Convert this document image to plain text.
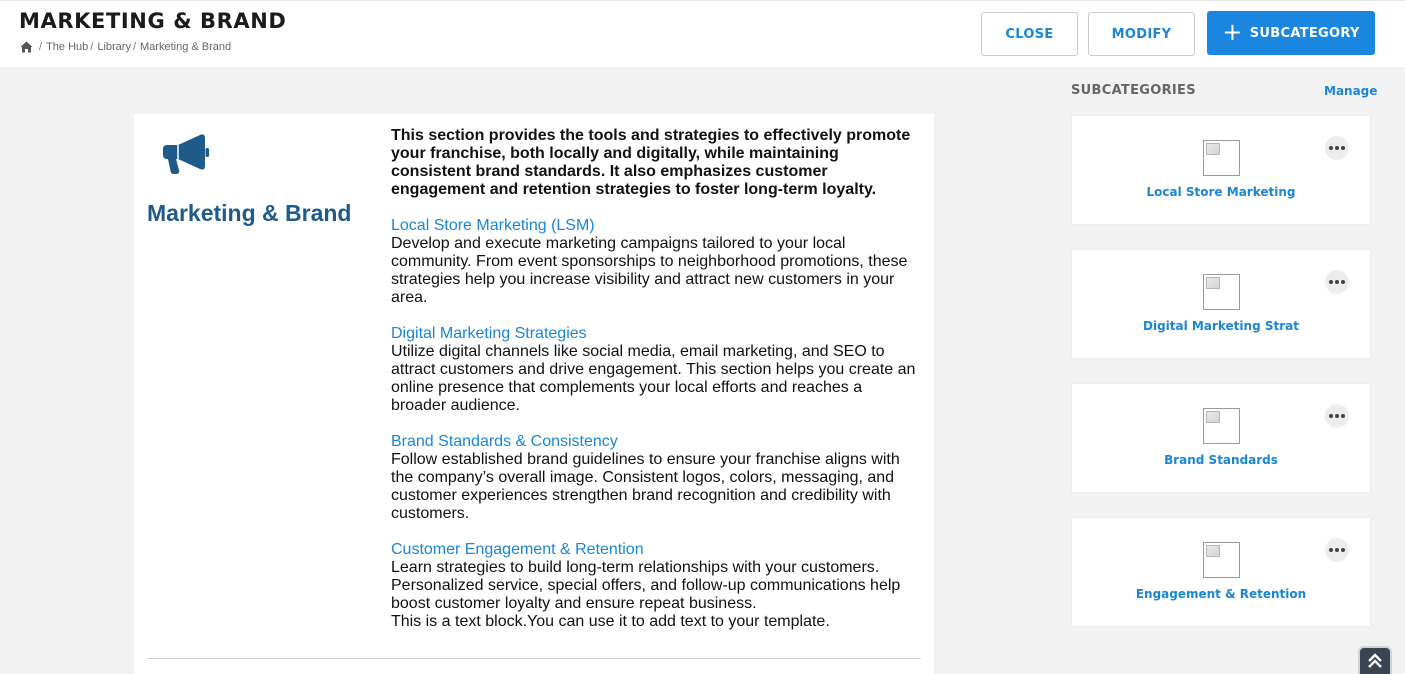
MARKETING & BRAND
/ The Hub / Library / Marketing & Brand
CLOSE	MODIFY	+ SUBCATEGORY
Marketing & Brand

This section provides the tools and strategies to effectively promote your franchise, both locally and digitally, while maintaining consistent brand standards. It also emphasizes customer engagement and retention strategies to foster long-term loyalty.

Local Store Marketing (LSM)
Develop and execute marketing campaigns tailored to your local community. From event sponsorships to neighborhood promotions, these strategies help you increase visibility and attract new customers in your area.
Digital Marketing Strategies
Utilize digital channels like social media, email marketing, and SEO to attract customers and drive engagement. This section helps you create an online presence that complements your local efforts and reaches a broader audience.
Brand Standards & Consistency
Follow established brand guidelines to ensure your franchise aligns with the company’s overall image. Consistent logos, colors, messaging, and customer experiences strengthen brand recognition and credibility with customers.
Customer Engagement & Retention
Learn strategies to build long-term relationships with your customers. Personalized service, special offers, and follow-up communications help boost customer loyalty and ensure repeat business.
This is a text block.You can use it to add text to your template.
SUBCATEGORIES	Manage
Local Store Marketing
Digital Marketing Strat
Brand Standards
Engagement & Retention
